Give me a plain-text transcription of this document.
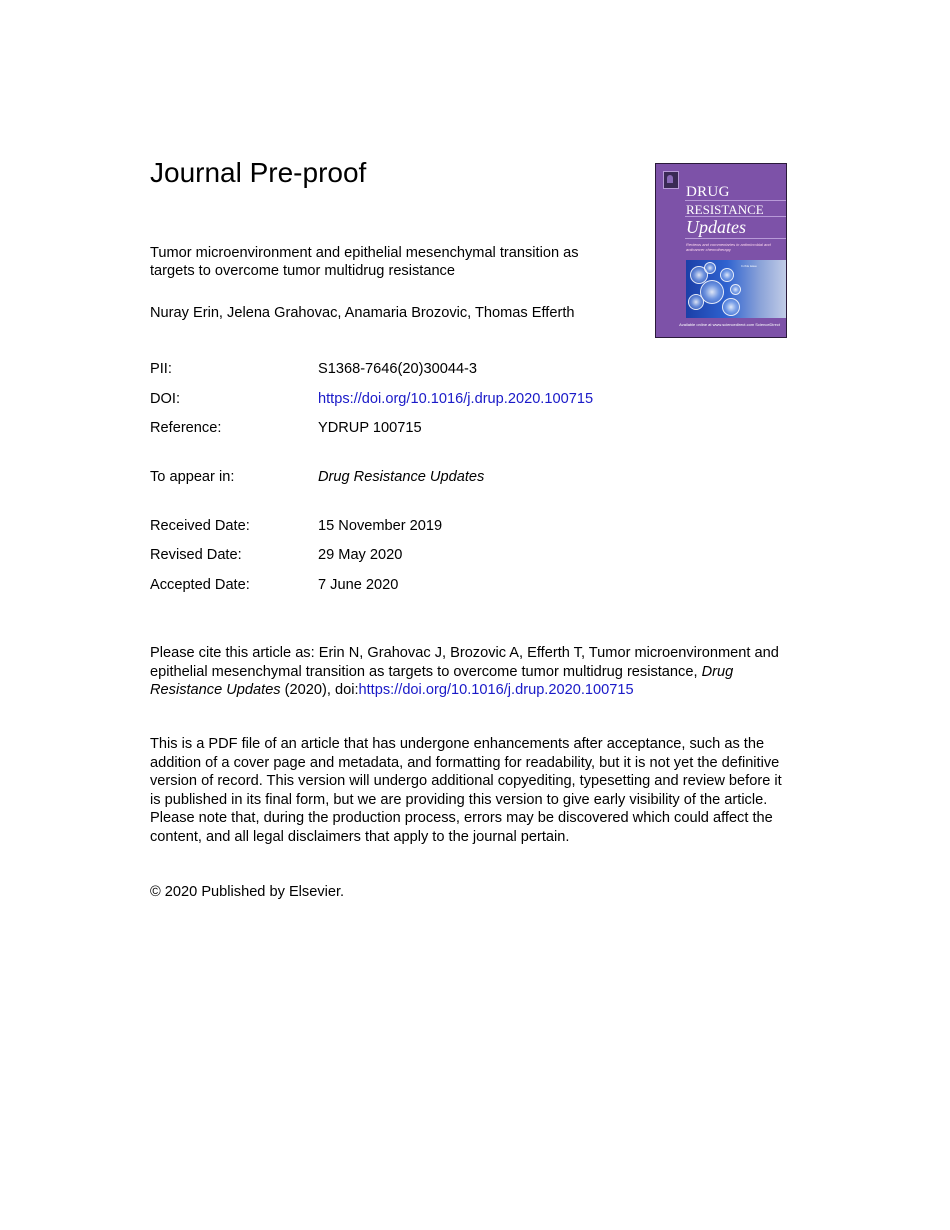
Journal Pre-proof
DRUG
RESISTANCE
Updates
Reviews and commentaries in antimicrobial and anticancer chemotherapy
In this issue
Available online at www.sciencedirect.com ScienceDirect
Tumor microenvironment and epithelial mesenchymal transition as targets to overcome tumor multidrug resistance
Nuray Erin, Jelena Grahovac, Anamaria Brozovic, Thomas Efferth
PII:	S1368-7646(20)30044-3
DOI:	https://doi.org/10.1016/j.drup.2020.100715
Reference:	YDRUP 100715
To appear in:	Drug Resistance Updates
Received Date:	15 November 2019
Revised Date:	29 May 2020
Accepted Date:	7 June 2020
Please cite this article as: Erin N, Grahovac J, Brozovic A, Efferth T, Tumor microenvironment and epithelial mesenchymal transition as targets to overcome tumor multidrug resistance, Drug Resistance Updates (2020), doi:https://doi.org/10.1016/j.drup.2020.100715
This is a PDF file of an article that has undergone enhancements after acceptance, such as the addition of a cover page and metadata, and formatting for readability, but it is not yet the definitive version of record. This version will undergo additional copyediting, typesetting and review before it is published in its final form, but we are providing this version to give early visibility of the article. Please note that, during the production process, errors may be discovered which could affect the content, and all legal disclaimers that apply to the journal pertain.
© 2020 Published by Elsevier.
